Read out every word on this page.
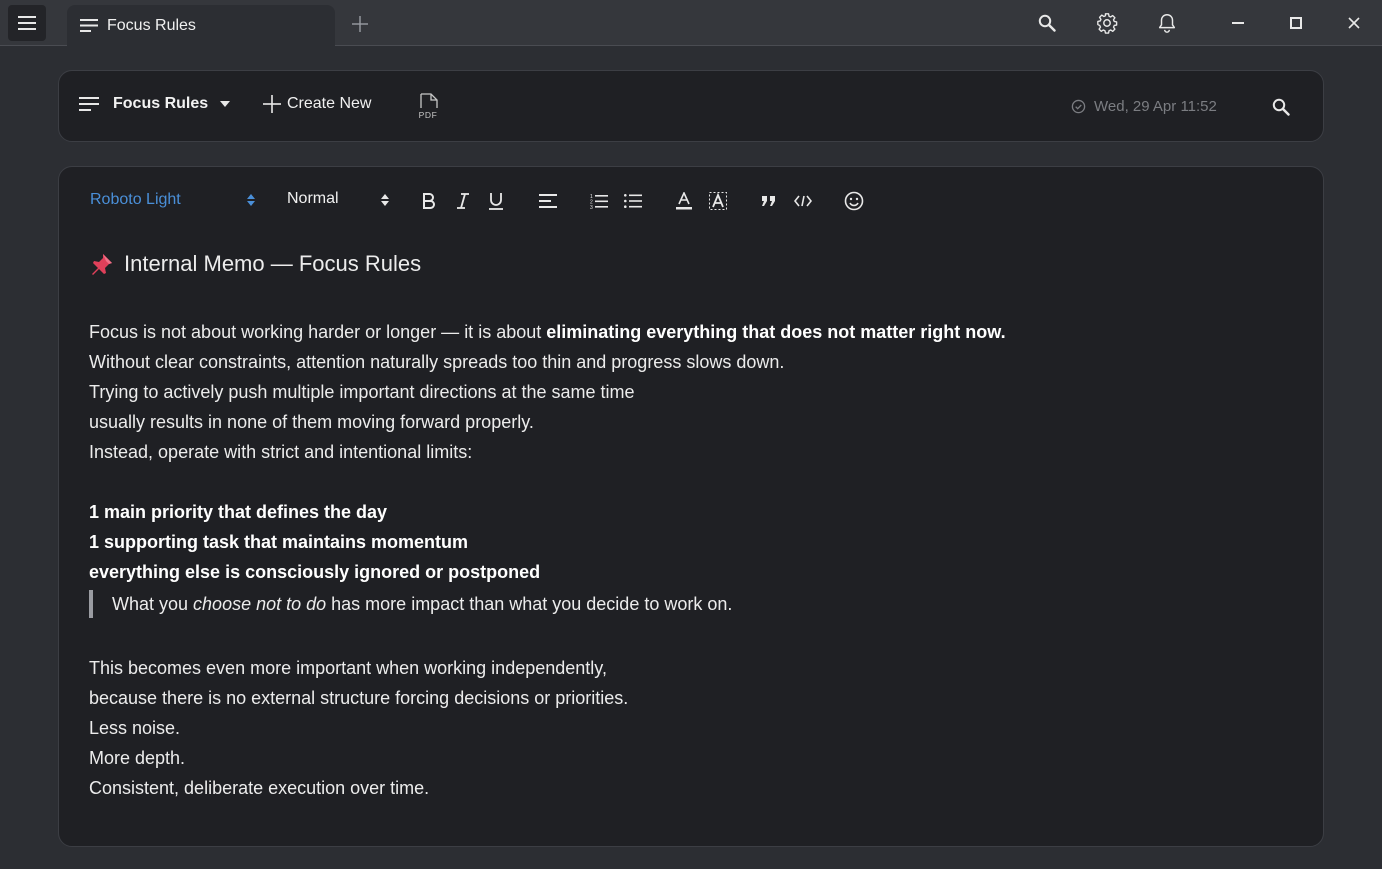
Focus Rules
Focus Rules	Create New
PDF	Wed, 29 Apr 11:52
Roboto Light	Normal	1
2
3
Internal Memo — Focus Rules

Focus is not about working harder or longer — it is about eliminating everything that does not matter right now.

Without clear constraints, attention naturally spreads too thin and progress slows down.

Trying to actively push multiple important directions at the same time

usually results in none of them moving forward properly.

Instead, operate with strict and intentional limits:

1 main priority that defines the day

1 supporting task that maintains momentum

everything else is consciously ignored or postponed

What you choose not to do has more impact than what you decide to work on.

This becomes even more important when working independently,

because there is no external structure forcing decisions or priorities.

Less noise.

More depth.

Consistent, deliberate execution over time.
